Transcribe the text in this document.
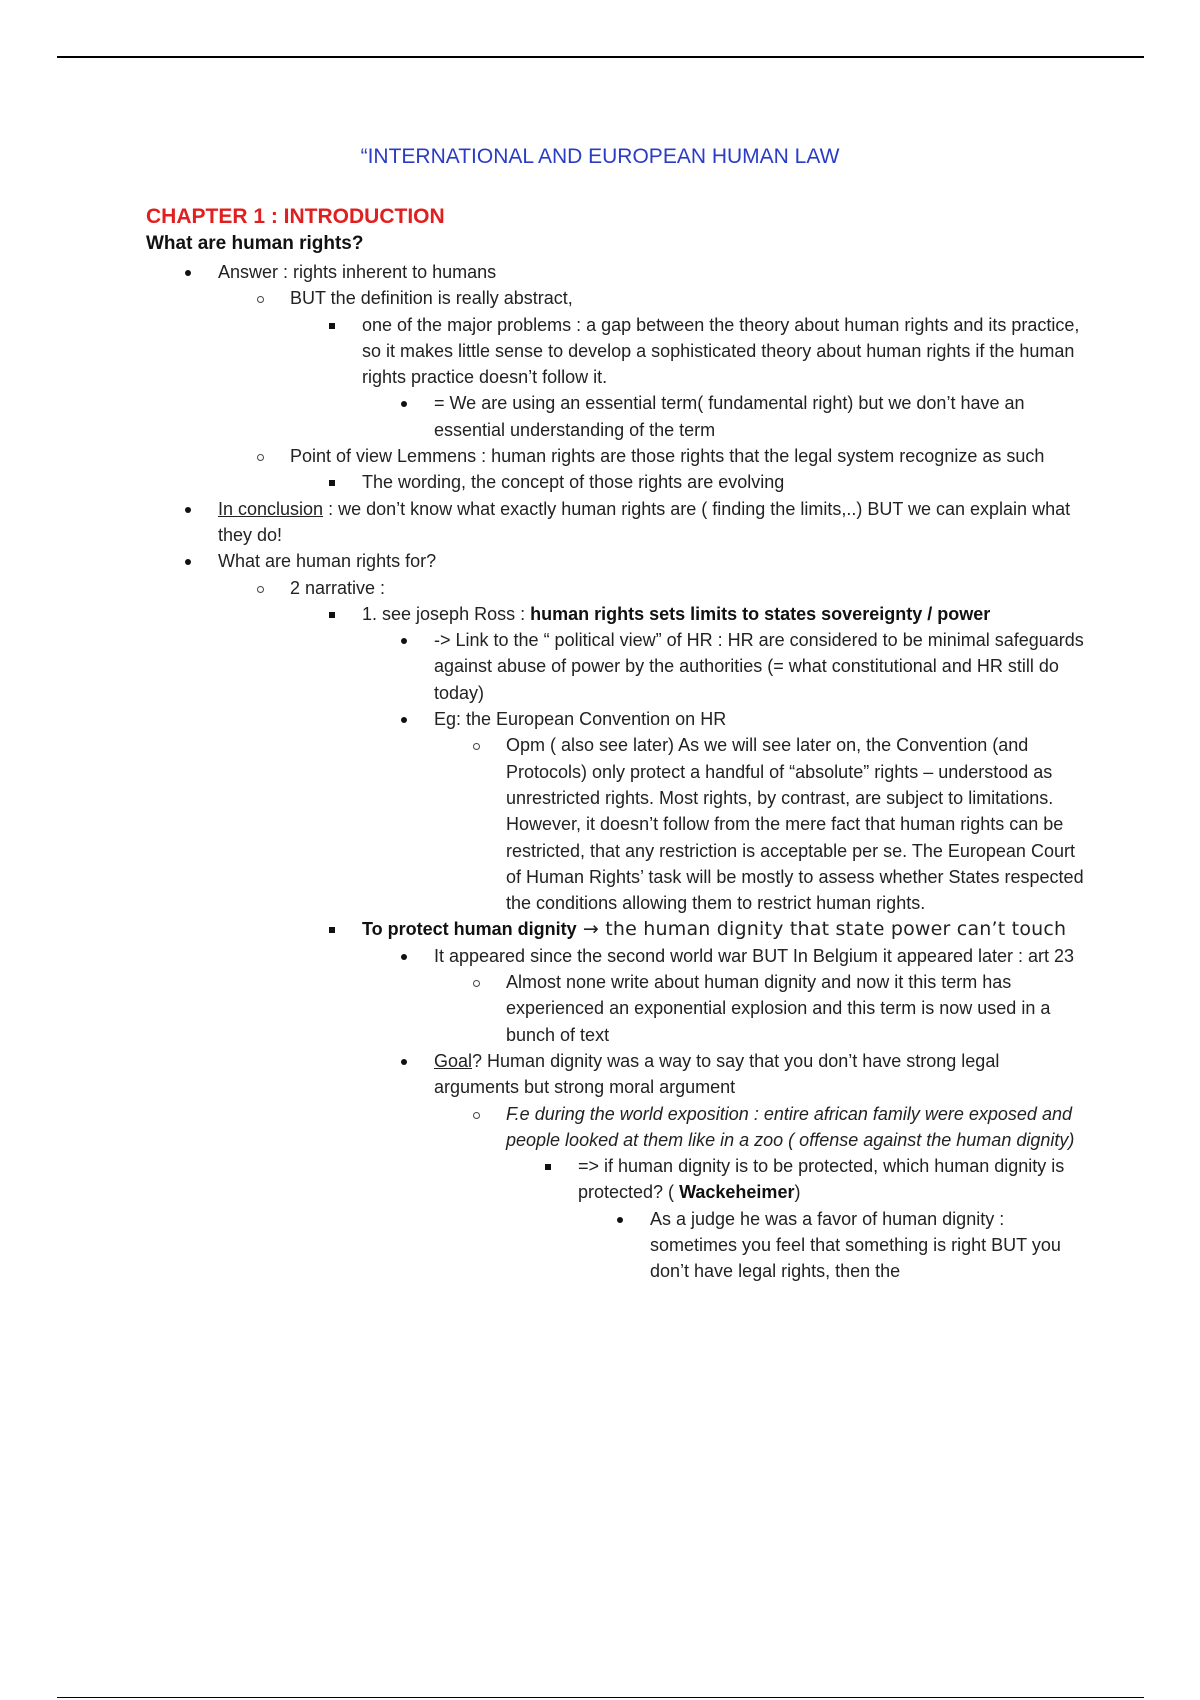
“INTERNATIONAL AND EUROPEAN HUMAN LAW
CHAPTER 1 : INTRODUCTION
What are human rights?
Answer : rights inherent to humans
BUT the definition is really abstract,
one of the major problems : a gap between the theory about human rights and its practice, so it makes little sense to develop a sophisticated theory about human rights if the human rights practice doesn’t follow it.
= We are using an essential term( fundamental right) but we don’t have an essential understanding of the term
Point of view Lemmens : human rights are those rights that the legal system recognize as such
The wording, the concept of those rights are evolving
In conclusion : we don’t know what exactly human rights are ( finding the limits,..) BUT we can explain what they do!
What are human rights for?
2 narrative :
1. see joseph Ross : human rights sets limits to states sovereignty / power
-> Link to the “ political view” of HR : HR are considered to be minimal safeguards against abuse of power by the authorities (= what constitutional and HR still do today)
Eg: the European Convention on HR
Opm ( also see later) As we will see later on, the Convention (and Protocols) only protect a handful of “absolute” rights – understood as unrestricted rights. Most rights, by contrast, are subject to limitations. However, it doesn’t follow from the mere fact that human rights can be restricted, that any restriction is acceptable per se. The European Court of Human Rights’ task will be mostly to assess whether States respected the conditions allowing them to restrict human rights.
To protect human dignity → the human dignity that state power can’t touch
It appeared since the second world war BUT In Belgium it appeared later : art 23
Almost none write about human dignity and now it this term has experienced an exponential explosion and this term is now used in a bunch of text
Goal? Human dignity was a way to say that you don’t have strong legal arguments but strong moral argument
F.e during the world exposition : entire african family were exposed and people looked at them like in a zoo ( offense against the human dignity)
=> if human dignity is to be protected, which human dignity is protected? ( Wackeheimer)
As a judge he was a favor of human dignity : sometimes you feel that something is right BUT you don’t have legal rights, then the
